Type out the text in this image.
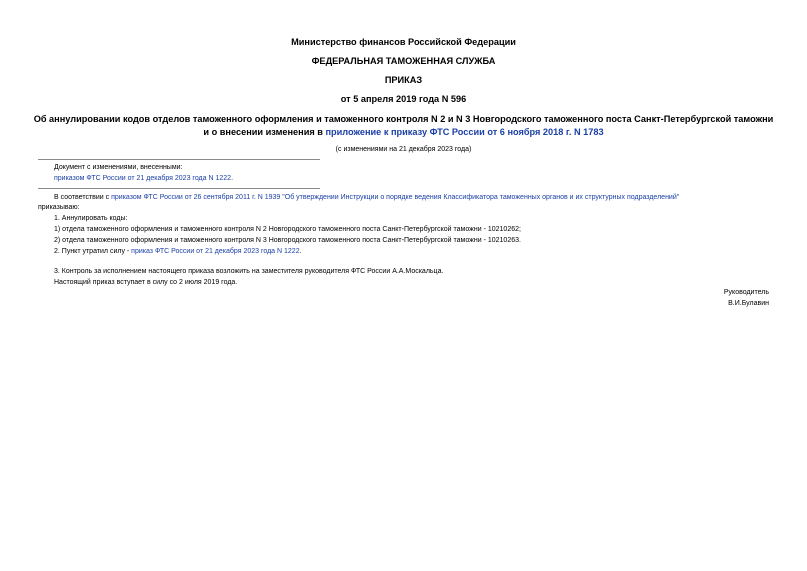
Министерство финансов Российской Федерации
ФЕДЕРАЛЬНАЯ ТАМОЖЕННАЯ СЛУЖБА
ПРИКАЗ
от 5 апреля 2019 года N 596
Об аннулировании кодов отделов таможенного оформления и таможенного контроля N 2 и N 3 Новгородского таможенного поста Санкт-Петербургской таможни и о внесении изменения в приложение к приказу ФТС России от 6 ноября 2018 г. N 1783
(с изменениями на 21 декабря 2023 года)
Документ с изменениями, внесенными:
приказом ФТС России от 21 декабря 2023 года N 1222.
В соответствии с приказом ФТС России от 26 сентября 2011 г. N 1939 "Об утверждении Инструкции о порядке ведения Классификатора таможенных органов и их структурных подразделений"
приказываю:
1. Аннулировать коды:
1) отдела таможенного оформления и таможенного контроля N 2 Новгородского таможенного поста Санкт-Петербургской таможни - 10210262;
2) отдела таможенного оформления и таможенного контроля N 3 Новгородского таможенного поста Санкт-Петербургской таможни - 10210263.
2. Пункт утратил силу - приказ ФТС России от 21 декабря 2023 года N 1222.
3. Контроль за исполнением настоящего приказа возложить на заместителя руководителя ФТС России А.А.Москальца.
Настоящий приказ вступает в силу со 2 июля 2019 года.
Руководитель
В.И.Булавин
